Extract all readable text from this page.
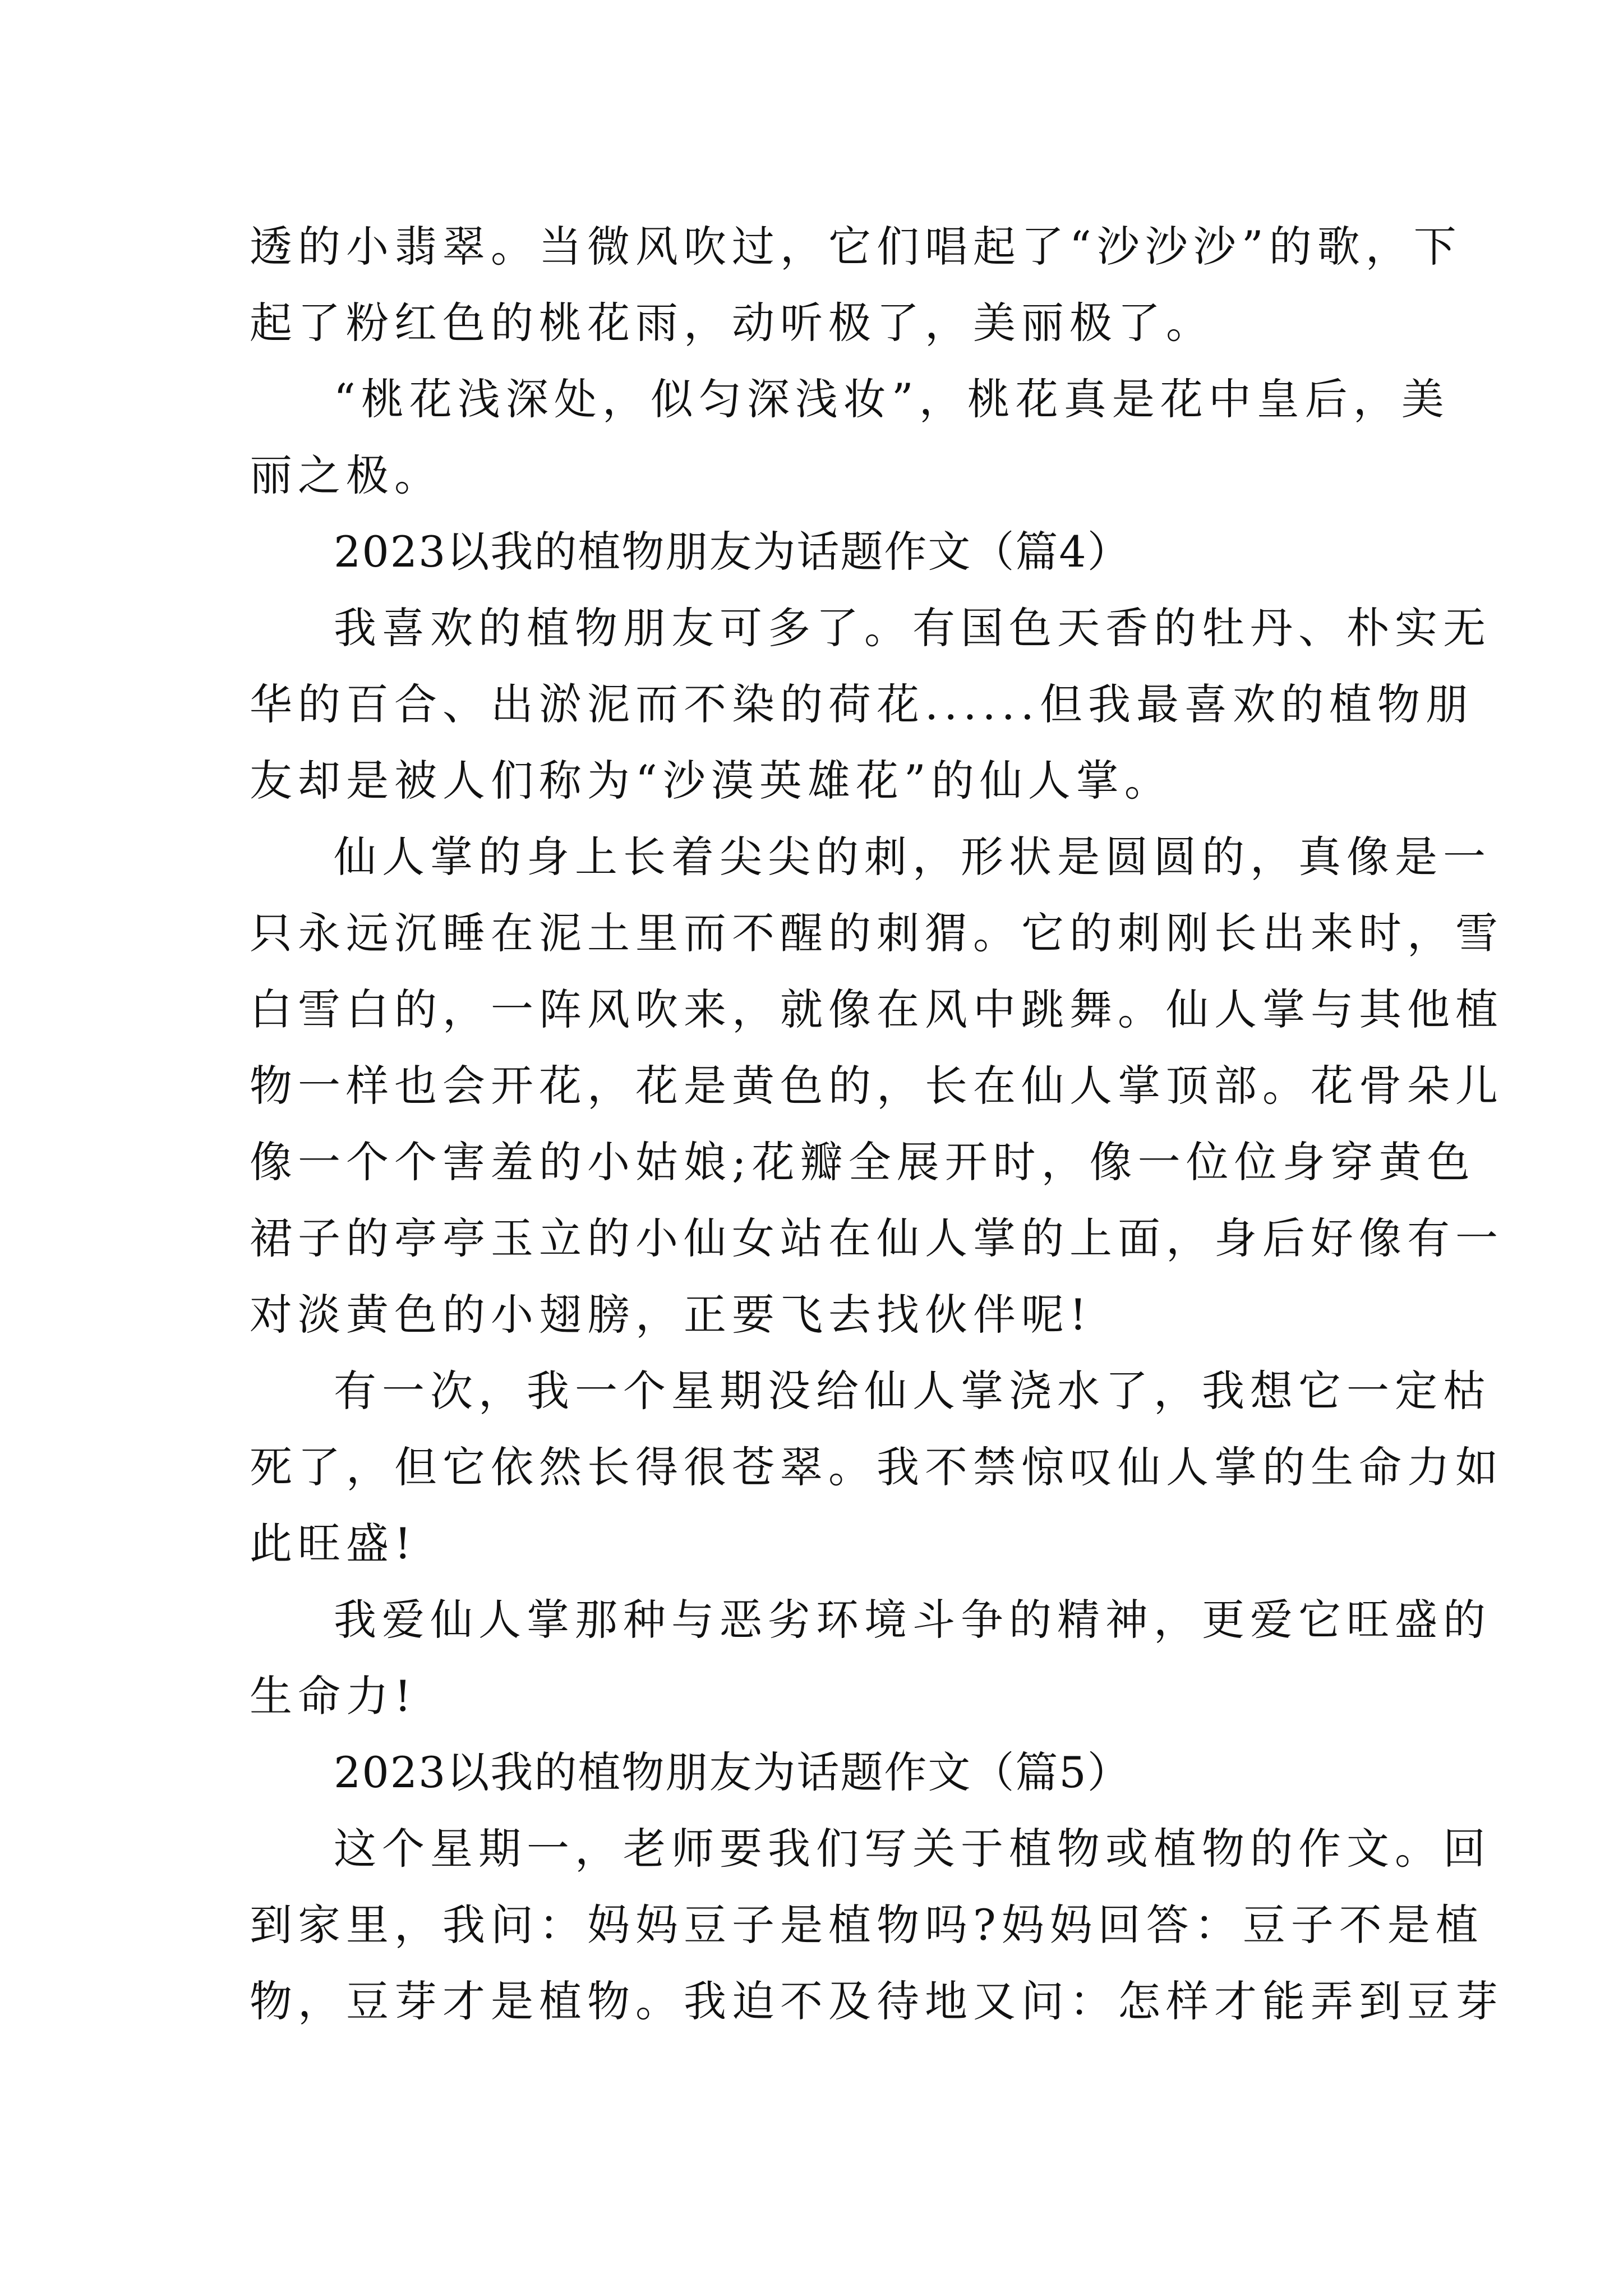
透的小翡翠。当微风吹过，它们唱起了“沙沙沙”的歌，下
起了粉红色的桃花雨，动听极了，美丽极了。
“桃花浅深处，似匀深浅妆”，桃花真是花中皇后，美
丽之极。
2023以我的植物朋友为话题作文（篇4）
我喜欢的植物朋友可多了。有国色天香的牡丹、朴实无
华的百合、出淤泥而不染的荷花......但我最喜欢的植物朋
友却是被人们称为“沙漠英雄花”的仙人掌。
仙人掌的身上长着尖尖的刺，形状是圆圆的，真像是一
只永远沉睡在泥土里而不醒的刺猬。它的刺刚长出来时，雪
白雪白的，一阵风吹来，就像在风中跳舞。仙人掌与其他植
物一样也会开花，花是黄色的，长在仙人掌顶部。花骨朵儿
像一个个害羞的小姑娘;花瓣全展开时，像一位位身穿黄色
裙子的亭亭玉立的小仙女站在仙人掌的上面，身后好像有一
对淡黄色的小翅膀，正要飞去找伙伴呢!
有一次，我一个星期没给仙人掌浇水了，我想它一定枯
死了，但它依然长得很苍翠。我不禁惊叹仙人掌的生命力如
此旺盛!
我爱仙人掌那种与恶劣环境斗争的精神，更爱它旺盛的
生命力!
2023以我的植物朋友为话题作文（篇5）
这个星期一，老师要我们写关于植物或植物的作文。回
到家里，我问：妈妈豆子是植物吗?妈妈回答：豆子不是植
物，豆芽才是植物。我迫不及待地又问：怎样才能弄到豆芽
